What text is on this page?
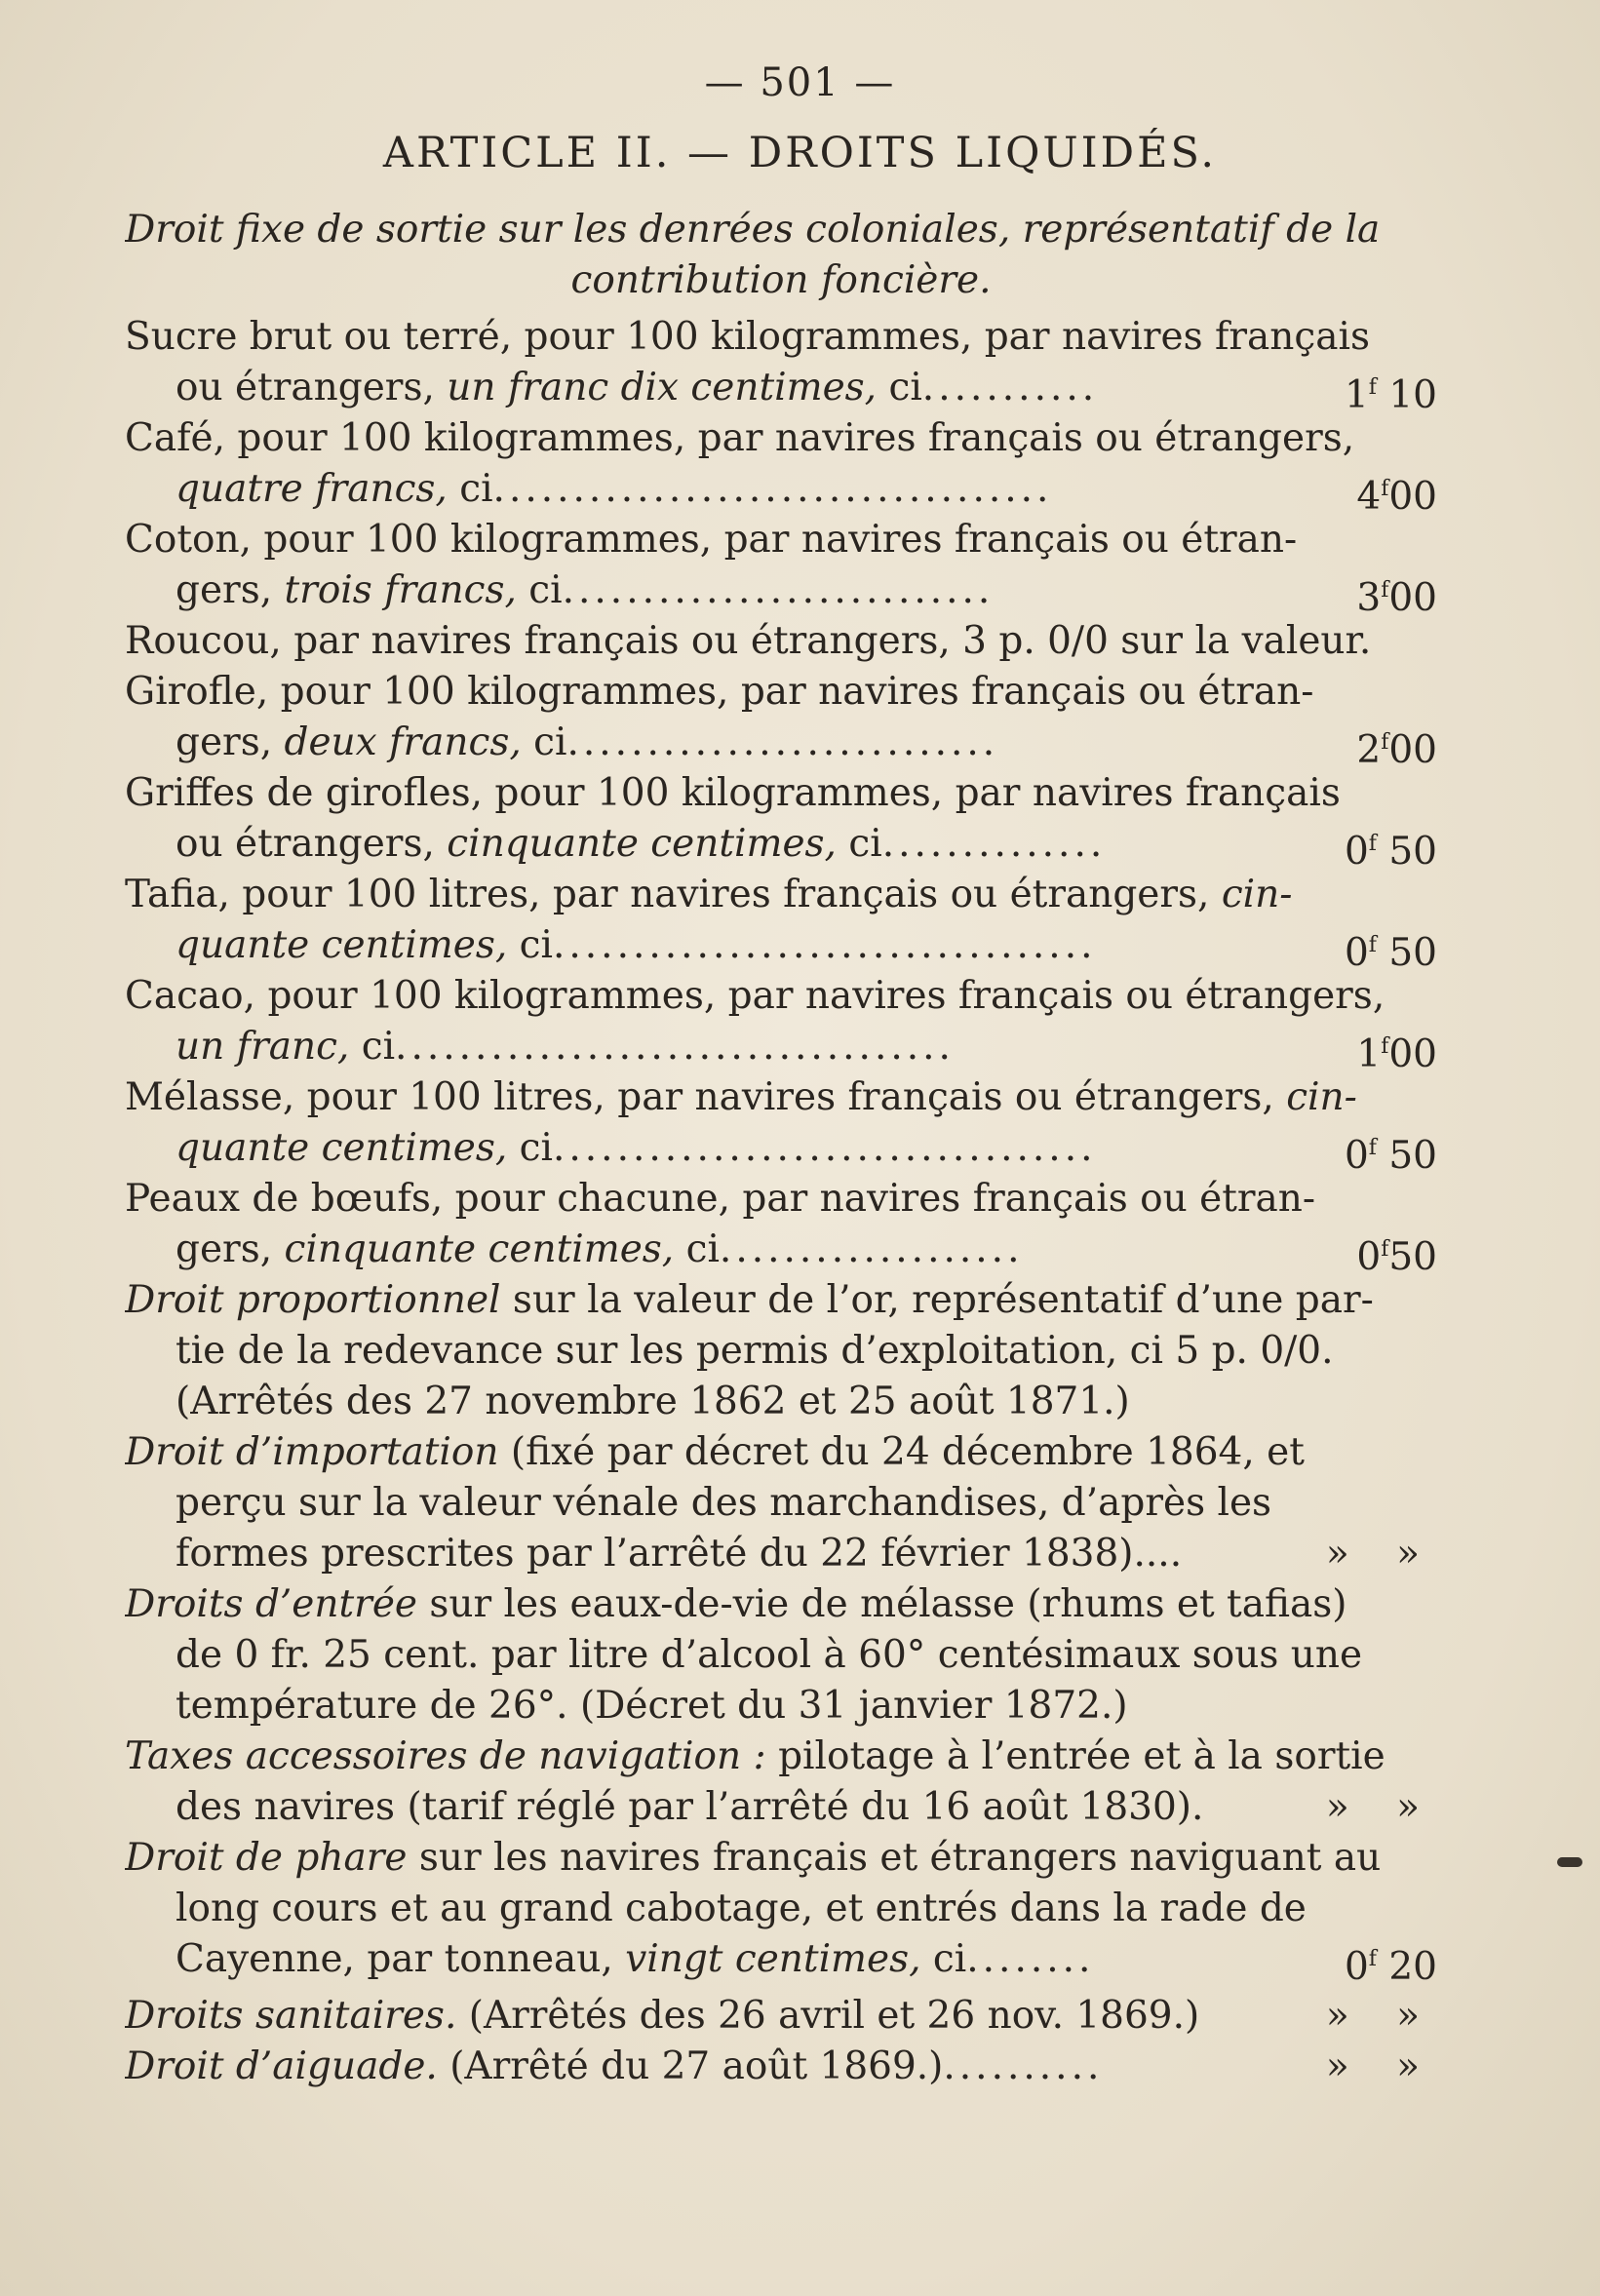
— 501 —
ARTICLE II. — DROITS LIQUIDÉS.
Droit fixe de sortie sur les denrées coloniales, représentatif de la
contribution foncière.
Sucre brut ou terré, pour 100 kilogrammes, par navires français
ou étrangers, un franc dix centimes, ci...........	1$^f$ 10
Café, pour 100 kilogrammes, par navires français ou étrangers,
quatre francs, ci...................................	4$^f$00
Coton, pour 100 kilogrammes, par navires français ou étran-
gers, trois francs, ci...........................	3$^f$00
Roucou, par navires français ou étrangers, 3 p. 0/0 sur la valeur.
Girofle, pour 100 kilogrammes, par navires français ou étran-
gers, deux francs, ci...........................	2$^f$00
Griffes de girofles, pour 100 kilogrammes, par navires français
ou étrangers, cinquante centimes, ci..............	0$^f$ 50
Tafia, pour 100 litres, par navires français ou étrangers, cin-
quante centimes, ci..................................	0$^f$ 50
Cacao, pour 100 kilogrammes, par navires français ou étrangers,
un franc, ci...................................	1$^f$00
Mélasse, pour 100 litres, par navires français ou étrangers, cin-
quante centimes, ci..................................	0$^f$ 50
Peaux de bœufs, pour chacune, par navires français ou étran-
gers, cinquante centimes, ci...................	0$^f$50
Droit proportionnel sur la valeur de l’or, représentatif d’une par-
tie de la redevance sur les permis d’exploitation, ci 5 p. 0/0.
(Arrêtés des 27 novembre 1862 et 25 août 1871.)
Droit d’importation (fixé par décret du 24 décembre 1864, et
perçu sur la valeur vénale des marchandises, d’après les
formes prescrites par l’arrêté du 22 février 1838)....	» »
Droits d’entrée sur les eaux-de-vie de mélasse (rhums et tafias)
de 0 fr. 25 cent. par litre d’alcool à 60° centésimaux sous une
température de 26°. (Décret du 31 janvier 1872.)
Taxes accessoires de navigation : pilotage à l’entrée et à la sortie
des navires (tarif réglé par l’arrêté du 16 août 1830).	» »
Droit de phare sur les navires français et étrangers naviguant au
long cours et au grand cabotage, et entrés dans la rade de
Cayenne, par tonneau, vingt centimes, ci........	0$^f$ 20
Droits sanitaires. (Arrêtés des 26 avril et 26 nov. 1869.)	» »
Droit d’aiguade. (Arrêté du 27 août 1869.)..........	» »
